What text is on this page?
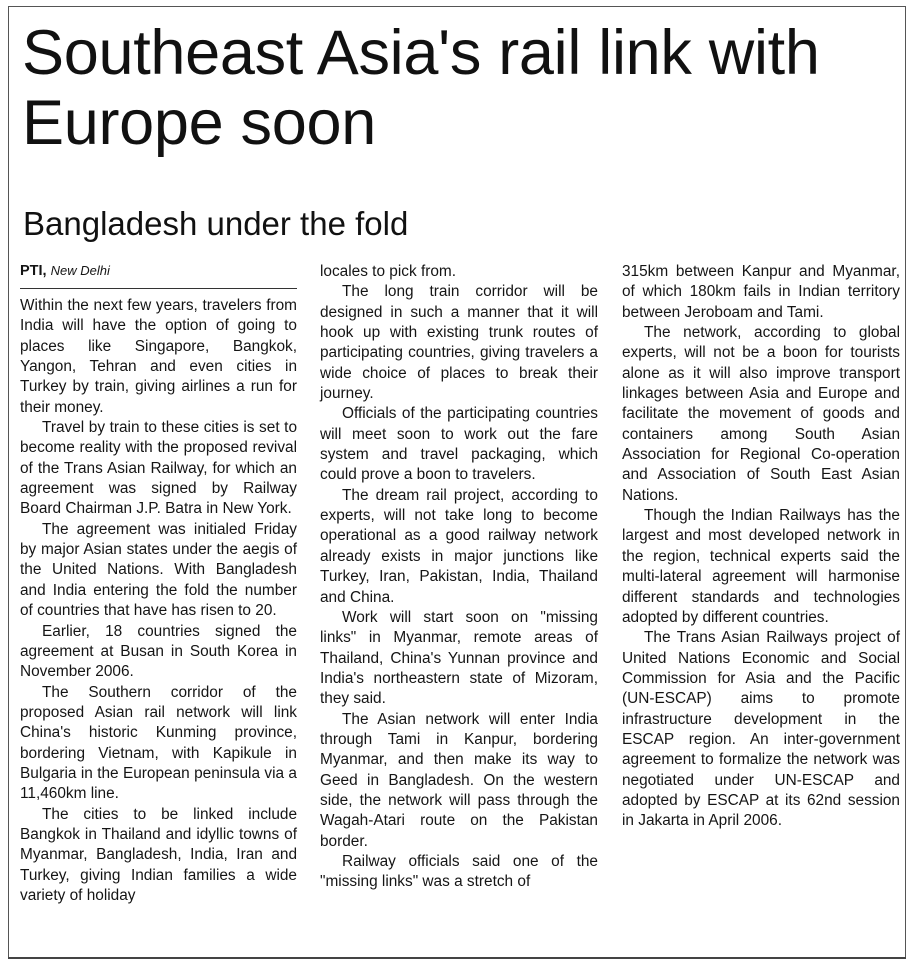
Southeast Asia's rail link with Europe soon
Bangladesh under the fold
PTI, New Delhi

Within the next few years, travelers from India will have the option of going to places like Singapore, Bangkok, Yangon, Tehran and even cities in Turkey by train, giving airlines a run for their money.

Travel by train to these cities is set to become reality with the proposed revival of the Trans Asian Railway, for which an agreement was signed by Railway Board Chairman J.P. Batra in New York.

The agreement was initialed Friday by major Asian states under the aegis of the United Nations. With Bangladesh and India entering the fold the number of countries that have has risen to 20.

Earlier, 18 countries signed the agreement at Busan in South Korea in November 2006.

The Southern corridor of the proposed Asian rail network will link China's historic Kunming province, bordering Vietnam, with Kapikule in Bulgaria in the European peninsula via a 11,460km line.

The cities to be linked include Bangkok in Thailand and idyllic towns of Myanmar, Bangladesh, India, Iran and Turkey, giving Indian families a wide variety of holiday

locales to pick from.

The long train corridor will be designed in such a manner that it will hook up with existing trunk routes of participating countries, giving travelers a wide choice of places to break their journey.

Officials of the participating countries will meet soon to work out the fare system and travel packaging, which could prove a boon to travelers.

The dream rail project, according to experts, will not take long to become operational as a good railway network already exists in major junctions like Turkey, Iran, Pakistan, India, Thailand and China.

Work will start soon on "missing links" in Myanmar, remote areas of Thailand, China's Yunnan province and India's northeastern state of Mizoram, they said.

The Asian network will enter India through Tami in Kanpur, bordering Myanmar, and then make its way to Geed in Bangladesh. On the western side, the network will pass through the Wagah-Atari route on the Pakistan border.

Railway officials said one of the "missing links" was a stretch of

315km between Kanpur and Myanmar, of which 180km fails in Indian territory between Jeroboam and Tami.

The network, according to global experts, will not be a boon for tourists alone as it will also improve transport linkages between Asia and Europe and facilitate the movement of goods and containers among South Asian Association for Regional Co-operation and Association of South East Asian Nations.

Though the Indian Railways has the largest and most developed network in the region, technical experts said the multi-lateral agreement will harmonise different standards and technologies adopted by different countries.

The Trans Asian Railways project of United Nations Economic and Social Commission for Asia and the Pacific (UN-ESCAP) aims to promote infrastructure development in the ESCAP region. An inter-government agreement to formalize the network was negotiated under UN-ESCAP and adopted by ESCAP at its 62nd session in Jakarta in April 2006.
